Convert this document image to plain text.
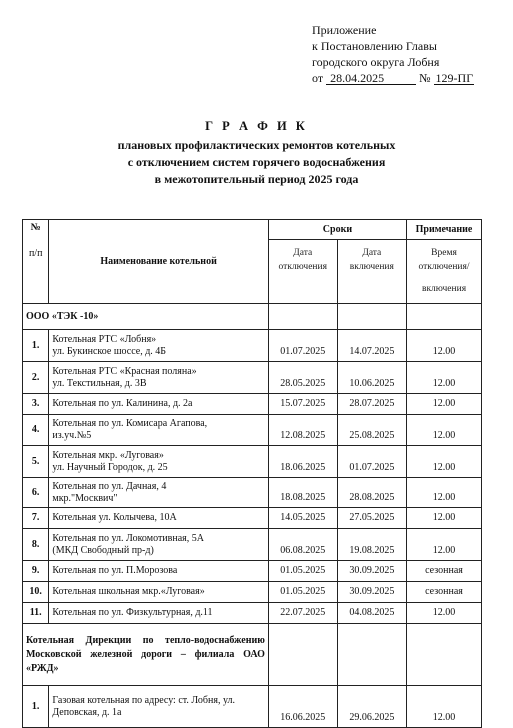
Приложение
к Постановлению Главы
городского округа Лобня
от 28.04.2025	№ 129-ПГ
Г Р А Ф И К
плановых профилактических ремонтов котельных
с отключением систем горячего водоснабжения
в межотопительный период 2025 года
№
п/п	Наименование котельной	Сроки		Примечание
		Дата отключения	Дата включения	Время отключения/
включения

ООО «ТЭК -10»				
1.	Котельная РТС «Лобня»
ул. Букинское шоссе, д. 4Б	01.07.2025	14.07.2025	12.00
2.	Котельная РТС «Красная поляна»
ул. Текстильная, д. 3В	28.05.2025	10.06.2025	12.00
3.	Котельная по ул. Калинина, д. 2а	15.07.2025	28.07.2025	12.00
4.	Котельная по ул. Комисара Агапова,
из.уч.№5	12.08.2025	25.08.2025	12.00
5.	Котельная мкр. «Луговая»
ул. Научный Городок, д. 25	18.06.2025	01.07.2025	12.00
6.	Котельная по ул. Дачная, 4
мкр."Москвич"	18.08.2025	28.08.2025	12.00
7.	Котельная ул. Колычева, 10А	14.05.2025	27.05.2025	12.00
8.	Котельная по ул. Локомотивная, 5А
(МКД Свободный пр-д)	06.08.2025	19.08.2025	12.00
9.	Котельная по ул. П.Морозова	01.05.2025	30.09.2025	сезонная
10.	Котельная школьная мкр.«Луговая»	01.05.2025	30.09.2025	сезонная
11.	Котельная по ул. Физкультурная, д.11	22.07.2025	04.08.2025	12.00
Котельная Дирекции по тепло-водоснабжению Московской железной дороги – филиала ОАО «РЖД»				
1.	Газовая котельная по адресу: ст. Лобня, ул.
Деповская, д. 1а	16.06.2025	29.06.2025	12.00
